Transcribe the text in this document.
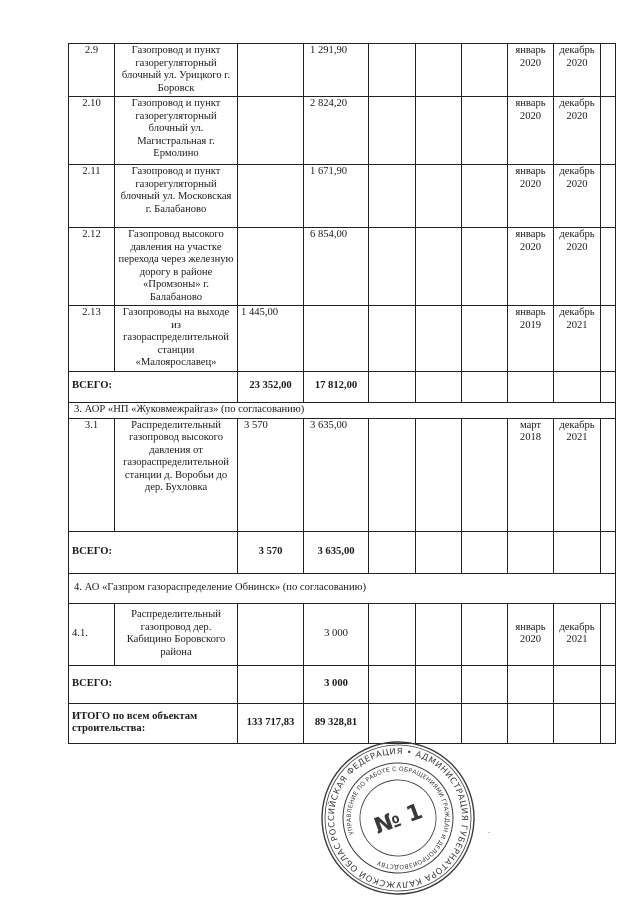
2.9	Газопровод и пункт газорегуляторный блочный ул. Урицкого г. Боровск		1 291,90				январь 2020	декабрь 2020	
2.10	Газопровод и пункт газорегуляторный блочный ул. Магистральная г. Ермолино		2 824,20				январь 2020	декабрь 2020	
2.11	Газопровод и пункт газорегуляторный блочный ул. Московская г. Балабаново		1 671,90				январь 2020	декабрь 2020	
2.12	Газопровод высокого давления на участке перехода через железную дорогу в районе «Промзоны» г. Балабаново		6 854,00				январь 2020	декабрь 2020	
2.13	Газопроводы на выходе из газораспределительной станции «Малоярославец»	1 445,00					январь 2019	декабрь 2021	
ВСЕГО:		23 352,00	17 812,00						
3. АОР «НП «Жуковмежрайгаз» (по согласованию)									
3.1	Распределительный газопровод высокого давления от газораспределительной станции д. Воробьи до дер. Бухловка	3 570	3 635,00				март 2018	декабрь 2021	
ВСЕГО:		3 570	3 635,00						
4. АО «Газпром газораспределение Обнинск» (по согласованию)									
4.1.	Распределительный газопровод дер. Кабицино Боровского района		3 000				январь 2020	декабрь 2021	
ВСЕГО:			3 000						
ИТОГО по всем объектам строительства:		133 717,83	89 328,81						
РОССИЙСКАЯ ФЕДЕРАЦИЯ • АДМИНИСТРАЦИЯ ГУБЕРНАТОРА КАЛУЖСКОЙ ОБЛАСТИ
УПРАВЛЕНИЕ ПО РАБОТЕ С ОБРАЩЕНИЯМИ ГРАЖДАН И ДЕЛОПРОИЗВОДСТВУ
№ 1	.
